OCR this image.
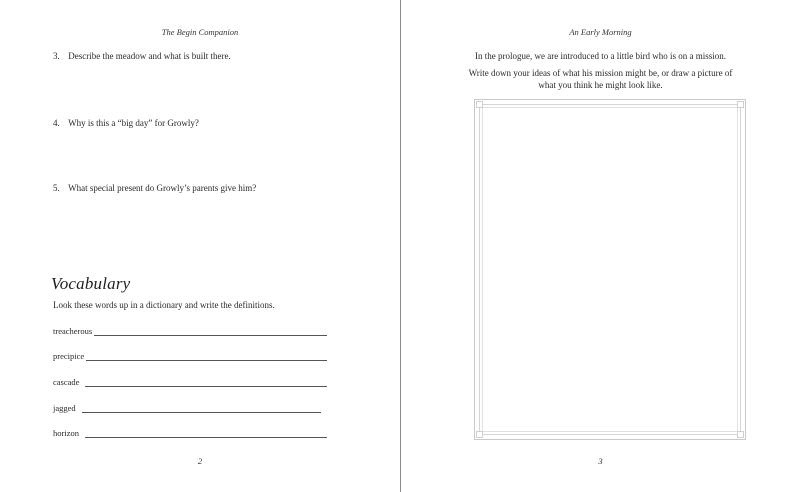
The Begin Companion
3. Describe the meadow and what is built there.
4. Why is this a “big day” for Growly?
5. What special present do Growly’s parents give him?
Vocabulary
Look these words up in a dictionary and write the definitions.
treacherous
precipice
cascade
jagged
horizon
2
An Early Morning
In the prologue, we are introduced to a little bird who is on a mission.
Write down your ideas of what his mission might be, or draw a picture of
what you think he might look like.
3
